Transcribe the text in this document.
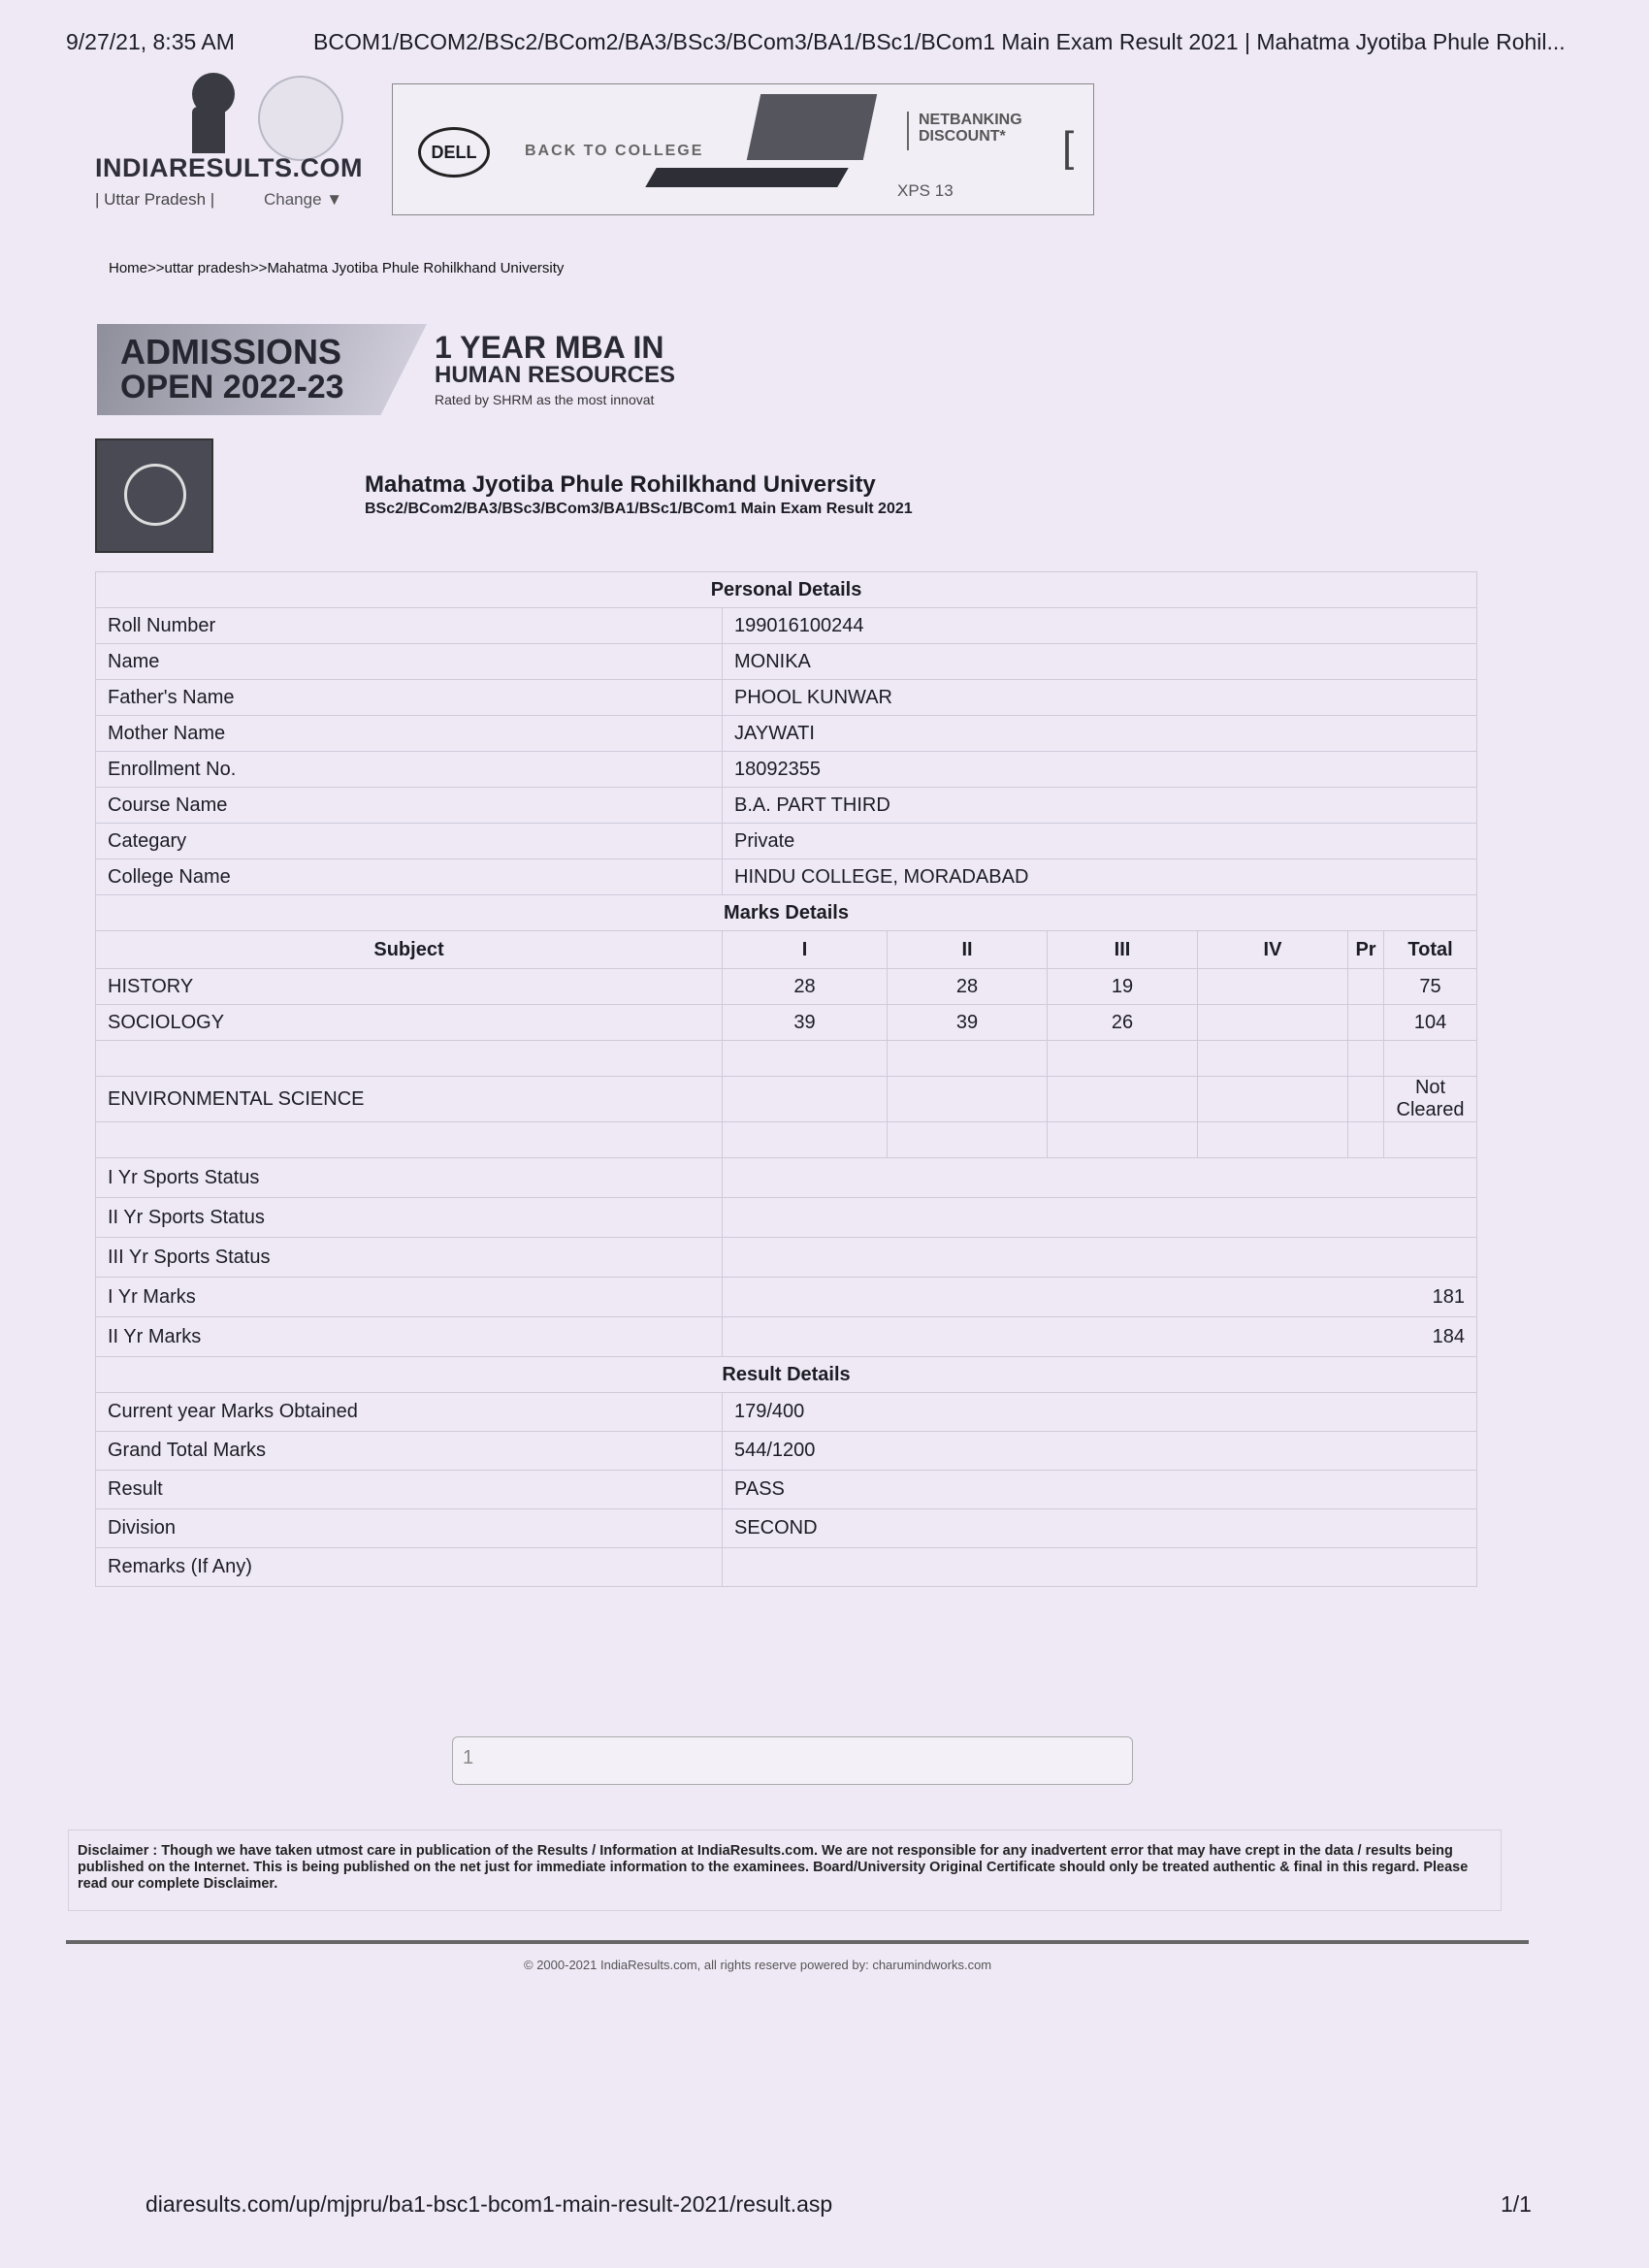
9/27/21, 8:35 AM	BCOM1/BCOM2/BSc2/BCom2/BA3/BSc3/BCom3/BA1/BSc1/BCom1 Main Exam Result 2021 | Mahatma Jyotiba Phule Rohil...
INDIARESULTS.COM
| Uttar Pradesh |	Change ▼
DELL	BACK TO COLLEGE
NETBANKING DISCOUNT*
XPS 13
[
Home>>uttar pradesh>>Mahatma Jyotiba Phule Rohilkhand University
ADMISSIONS
OPEN 2022-23
1 YEAR MBA IN
HUMAN RESOURCES
Rated by SHRM as the most innovat
Mahatma Jyotiba Phule Rohilkhand University
BSc2/BCom2/BA3/BSc3/BCom3/BA1/BSc1/BCom1 Main Exam Result 2021
Personal Details						
Roll Number	199016100244					
Name	MONIKA					
Father's Name	PHOOL KUNWAR					
Mother Name	JAYWATI					
Enrollment No.	18092355					
Course Name	B.A. PART THIRD					
Categary	Private					
College Name	HINDU COLLEGE, MORADABAD					
Marks Details						
Subject	I	II	III	IV	Pr	Total
HISTORY	28	28	19			75
SOCIOLOGY	39	39	26			104

ENVIRONMENTAL SCIENCE						Not Cleared

I Yr Sports Status						
II Yr Sports Status						
III Yr Sports Status						
I Yr Marks	181					
II Yr Marks	184					
Result Details						
Current year Marks Obtained	179/400					
Grand Total Marks	544/1200					
Result	PASS					
Division	SECOND					
Remarks (If Any)						
1
Disclaimer : Though we have taken utmost care in publication of the Results / Information at IndiaResults.com. We are not responsible for any inadvertent error that may have crept in the data / results being published on the Internet. This is being published on the net just for immediate information to the examinees. Board/University Original Certificate should only be treated authentic & final in this regard. Please read our complete Disclaimer.
© 2000-2021 IndiaResults.com, all rights reserve powered by: charumindworks.com
diaresults.com/up/mjpru/ba1-bsc1-bcom1-main-result-2021/result.asp	1/1
